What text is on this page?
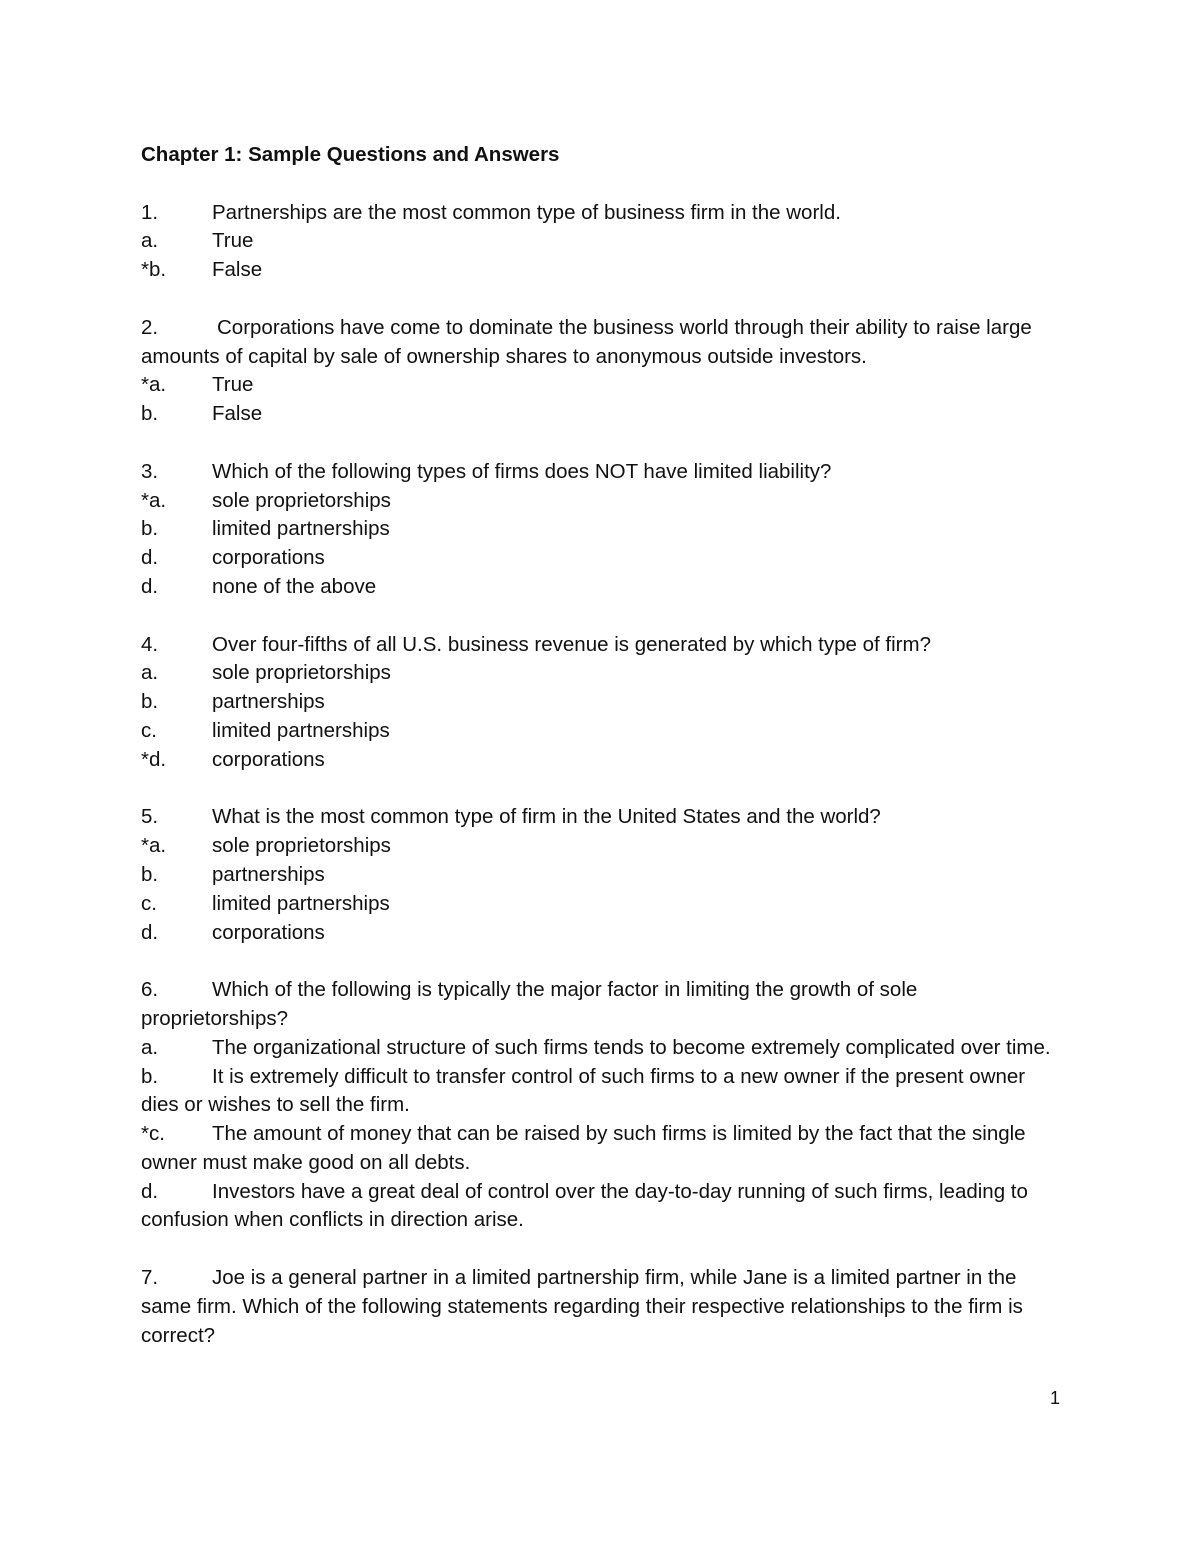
Chapter 1: Sample Questions and Answers
1.	Partnerships are the most common type of business firm in the world.
a.	True
*b. False
2.	Corporations have come to dominate the business world through their ability to raise large amounts of capital by sale of ownership shares to anonymous outside investors.
*a. True
b.	False
3.	Which of the following types of firms does NOT have limited liability?
*a. sole proprietorships
b.	limited partnerships
d.	corporations
d.	none of the above
4.	Over four-fifths of all U.S. business revenue is generated by which type of firm?
a.	sole proprietorships
b.	partnerships
c.	limited partnerships
*d. corporations
5.	What is the most common type of firm in the United States and the world?
*a. sole proprietorships
b.	partnerships
c.	limited partnerships
d.	corporations
6.	Which of the following is typically the major factor in limiting the growth of sole proprietorships?
a.	The organizational structure of such firms tends to become extremely complicated over time.
b.	It is extremely difficult to transfer control of such firms to a new owner if the present owner dies or wishes to sell the firm.
*c. The amount of money that can be raised by such firms is limited by the fact that the single owner must make good on all debts.
d.	Investors have a great deal of control over the day-to-day running of such firms, leading to confusion when conflicts in direction arise.
7.	Joe is a general partner in a limited partnership firm, while Jane is a limited partner in the same firm. Which of the following statements regarding their respective relationships to the firm is correct?
1
